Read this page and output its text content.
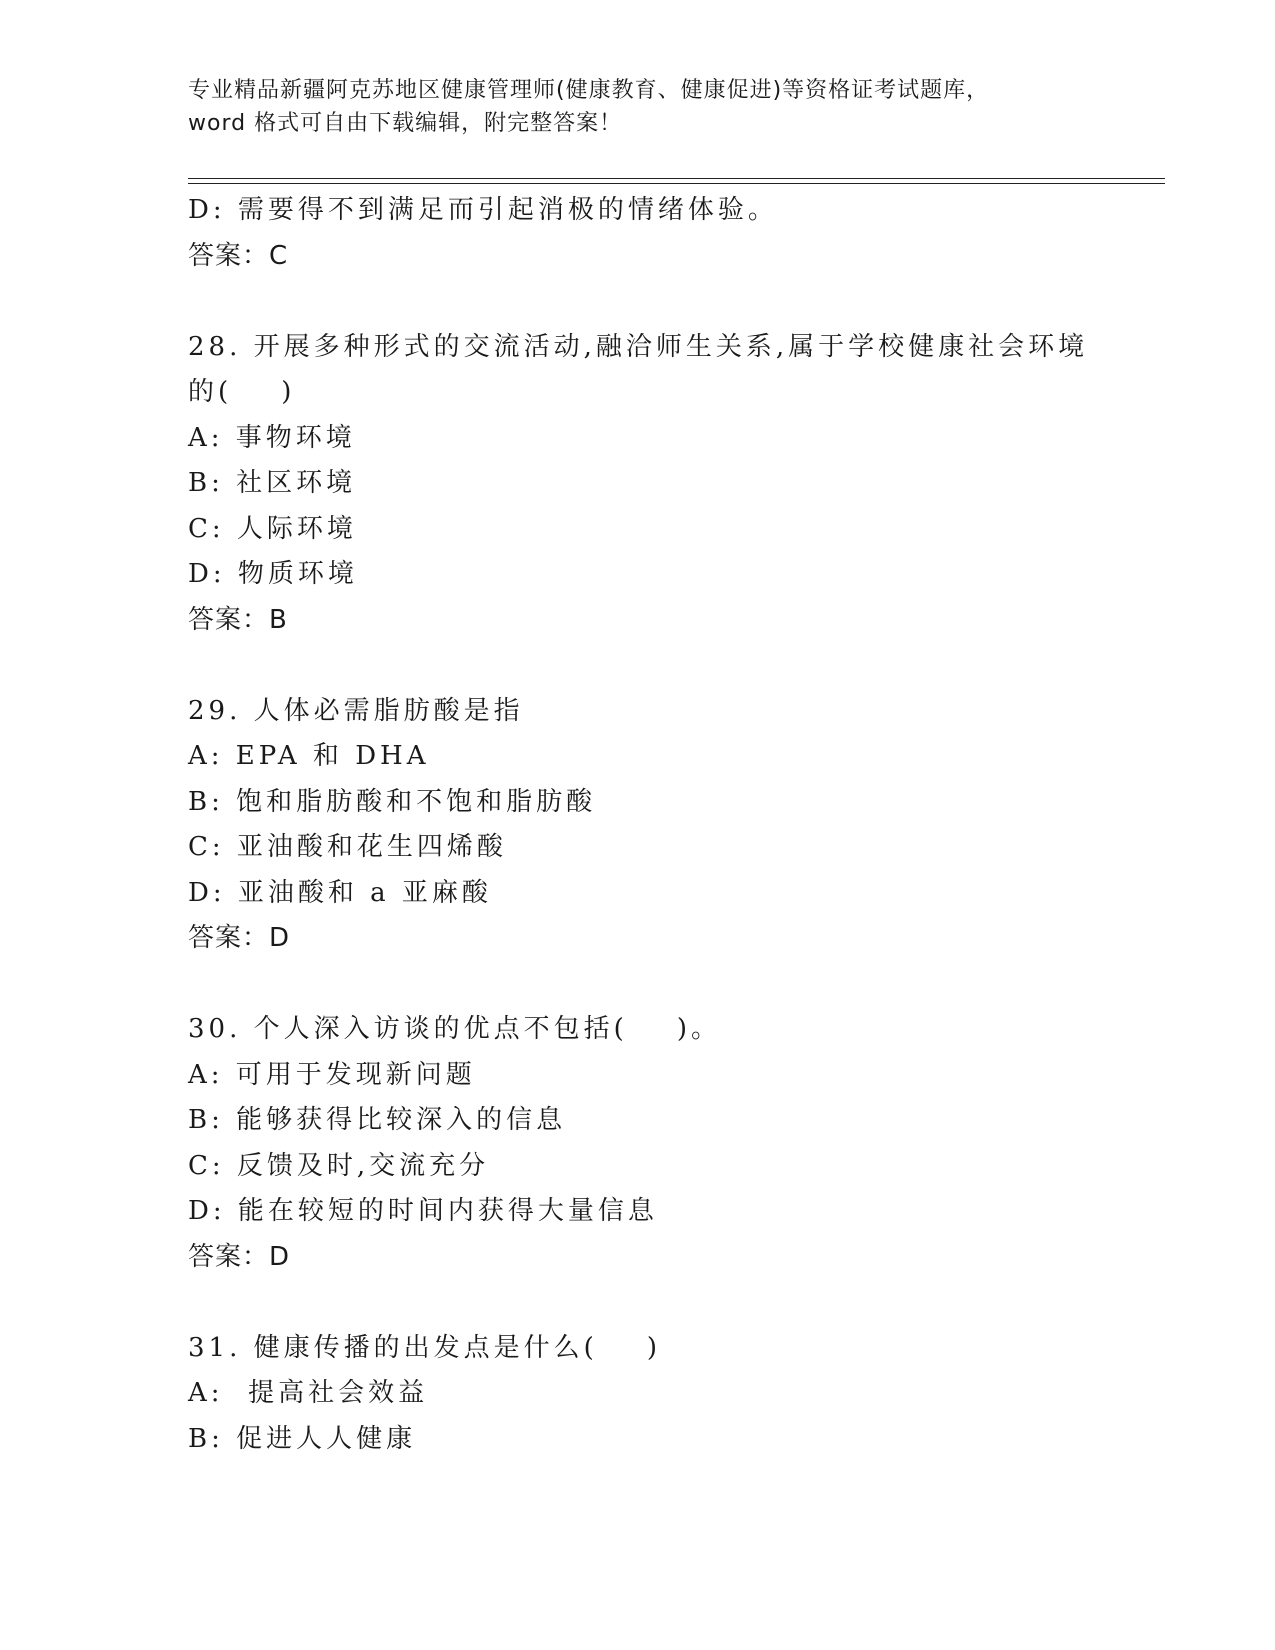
专业精品新疆阿克苏地区健康管理师(健康教育、健康促进)等资格证考试题库，
word 格式可自由下载编辑，附完整答案！
D: 需要得不到满足而引起消极的情绪体验。
答案：C
28. 开展多种形式的交流活动,融洽师生关系,属于学校健康社会环境
的(    )
A: 事物环境
B: 社区环境
C: 人际环境
D: 物质环境
答案：B
29. 人体必需脂肪酸是指
A: EPA 和 DHA
B: 饱和脂肪酸和不饱和脂肪酸
C: 亚油酸和花生四烯酸
D: 亚油酸和 a 亚麻酸
答案：D
30. 个人深入访谈的优点不包括(    )。
A: 可用于发现新问题
B: 能够获得比较深入的信息
C: 反馈及时,交流充分
D: 能在较短的时间内获得大量信息
答案：D
31. 健康传播的出发点是什么(    )
A:  提高社会效益
B: 促进人人健康
